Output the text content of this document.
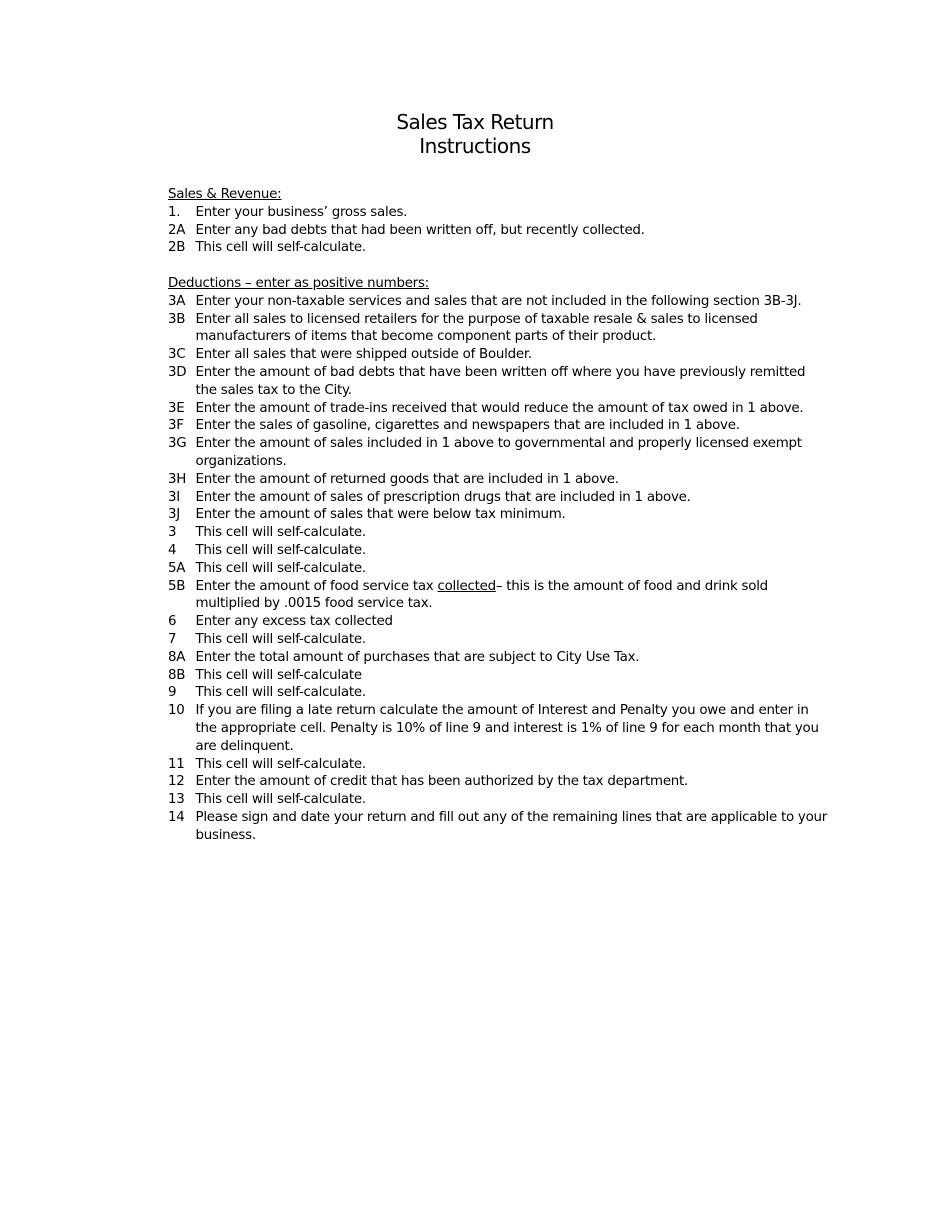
Sales Tax Return
Instructions
Sales & Revenue:
1.	Enter your business’ gross sales.
2A Enter any bad debts that had been written off, but recently collected.
2B This cell will self-calculate.
Deductions – enter as positive numbers:
3A Enter your non-taxable services and sales that are not included in the following section 3B-3J.
3B Enter all sales to licensed retailers for the purpose of taxable resale & sales to licensed manufacturers of items that become component parts of their product.
3C Enter all sales that were shipped outside of Boulder.
3D Enter the amount of bad debts that have been written off where you have previously remitted the sales tax to the City.
3E Enter the amount of trade-ins received that would reduce the amount of tax owed in 1 above.
3F Enter the sales of gasoline, cigarettes and newspapers that are included in 1 above.
3G Enter the amount of sales included in 1 above to governmental and properly licensed exempt organizations.
3H Enter the amount of returned goods that are included in 1 above.
3I	Enter the amount of sales of prescription drugs that are included in 1 above.
3J	Enter the amount of sales that were below tax minimum.
3	This cell will self-calculate.
4	This cell will self-calculate.
5A This cell will self-calculate.
5B Enter the amount of food service tax collected– this is the amount of food and drink sold multiplied by .0015 food service tax.
6	Enter any excess tax collected
7	This cell will self-calculate.
8A Enter the total amount of purchases that are subject to City Use Tax.
8B This cell will self-calculate
9	This cell will self-calculate.
10 If you are filing a late return calculate the amount of Interest and Penalty you owe and enter in the appropriate cell. Penalty is 10% of line 9 and interest is 1% of line 9 for each month that you are delinquent.
11 This cell will self-calculate.
12 Enter the amount of credit that has been authorized by the tax department.
13 This cell will self-calculate.
14 Please sign and date your return and fill out any of the remaining lines that are applicable to your business.
